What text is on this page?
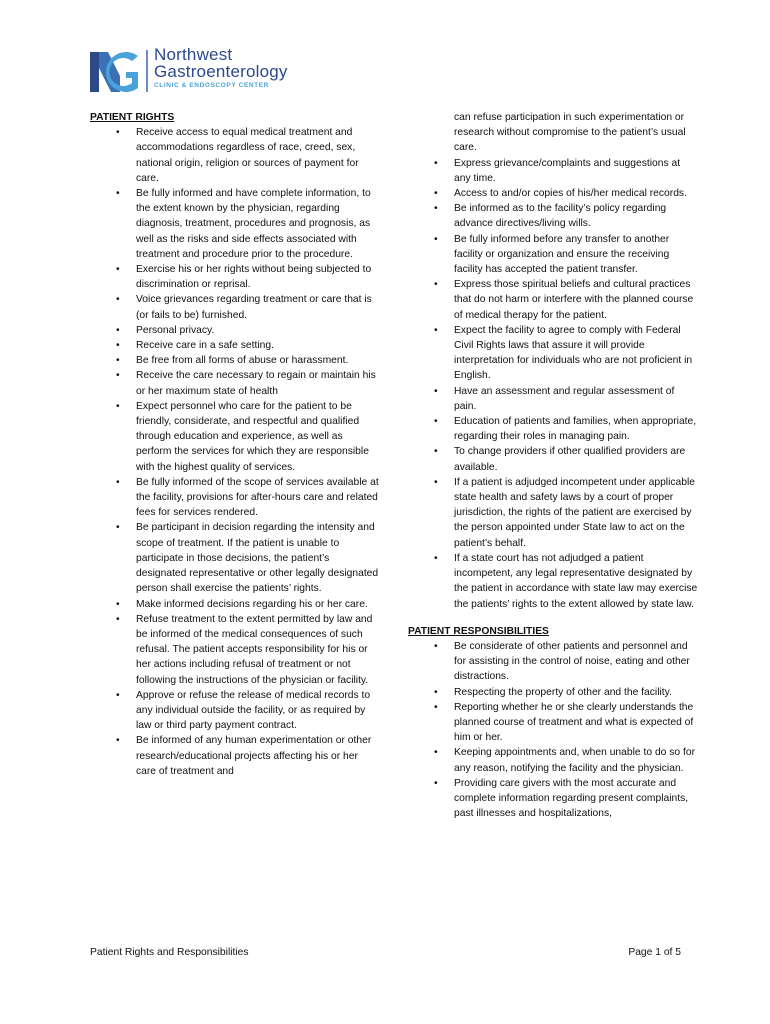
Northwest
Gastroenterology
CLINIC & ENDOSCOPY CENTER

PATIENT RIGHTS

• Receive access to equal medical treatment and accommodations regardless of race, creed, sex, national origin, religion or sources of payment for care.
• Be fully informed and have complete information, to the extent known by the physician, regarding diagnosis, treatment, procedures and prognosis, as well as the risks and side effects associated with treatment and procedure prior to the procedure.
• Exercise his or her rights without being subjected to discrimination or reprisal.
• Voice grievances regarding treatment or care that is (or fails to be) furnished.
• Personal privacy.
• Receive care in a safe setting.
• Be free from all forms of abuse or harassment.
• Receive the care necessary to regain or maintain his or her maximum state of health
• Expect personnel who care for the patient to be friendly, considerate, and respectful and qualified through education and experience, as well as perform the services for which they are responsible with the highest quality of services.
• Be fully informed of the scope of services available at the facility, provisions for after-hours care and related fees for services rendered.
• Be participant in decision regarding the intensity and scope of treatment. If the patient is unable to participate in those decisions, the patient’s designated representative or other legally designated person shall exercise the patients’ rights.
• Make informed decisions regarding his or her care.
• Refuse treatment to the extent permitted by law and be informed of the medical consequences of such refusal. The patient accepts responsibility for his or her actions including refusal of treatment or not following the instructions of the physician or facility.
• Approve or refuse the release of medical records to any individual outside the facility, or as required by law or third party payment contract.
• Be informed of any human experimentation or other research/educational projects affecting his or her care of treatment and
can refuse participation in such experimentation or research without compromise to the patient’s usual care.
• Express grievance/complaints and suggestions at any time.
• Access to and/or copies of his/her medical records.
• Be informed as to the facility’s policy regarding advance directives/living wills.
• Be fully informed before any transfer to another facility or organization and ensure the receiving facility has accepted the patient transfer.
• Express those spiritual beliefs and cultural practices that do not harm or interfere with the planned course of medical therapy for the patient.
• Expect the facility to agree to comply with Federal Civil Rights laws that assure it will provide interpretation for individuals who are not proficient in English.
• Have an assessment and regular assessment of pain.
• Education of patients and families, when appropriate, regarding their roles in managing pain.
• To change providers if other qualified providers are available.
• If a patient is adjudged incompetent under applicable state health and safety laws by a court of proper jurisdiction, the rights of the patient are exercised by the person appointed under State law to act on the patient’s behalf.
• If a state court has not adjudged a patient incompetent, any legal representative designated by the patient in accordance with state law may exercise the patients’ rights to the extent allowed by state law.

PATIENT RESPONSIBILITIES

• Be considerate of other patients and personnel and for assisting in the control of noise, eating and other distractions.
• Respecting the property of other and the facility.
• Reporting whether he or she clearly understands the planned course of treatment and what is expected of him or her.
• Keeping appointments and, when unable to do so for any reason, notifying the facility and the physician.
• Providing care givers with the most accurate and complete information regarding present complaints, past illnesses and hospitalizations,
Patient Rights and Responsibilities	Page 1 of 5
